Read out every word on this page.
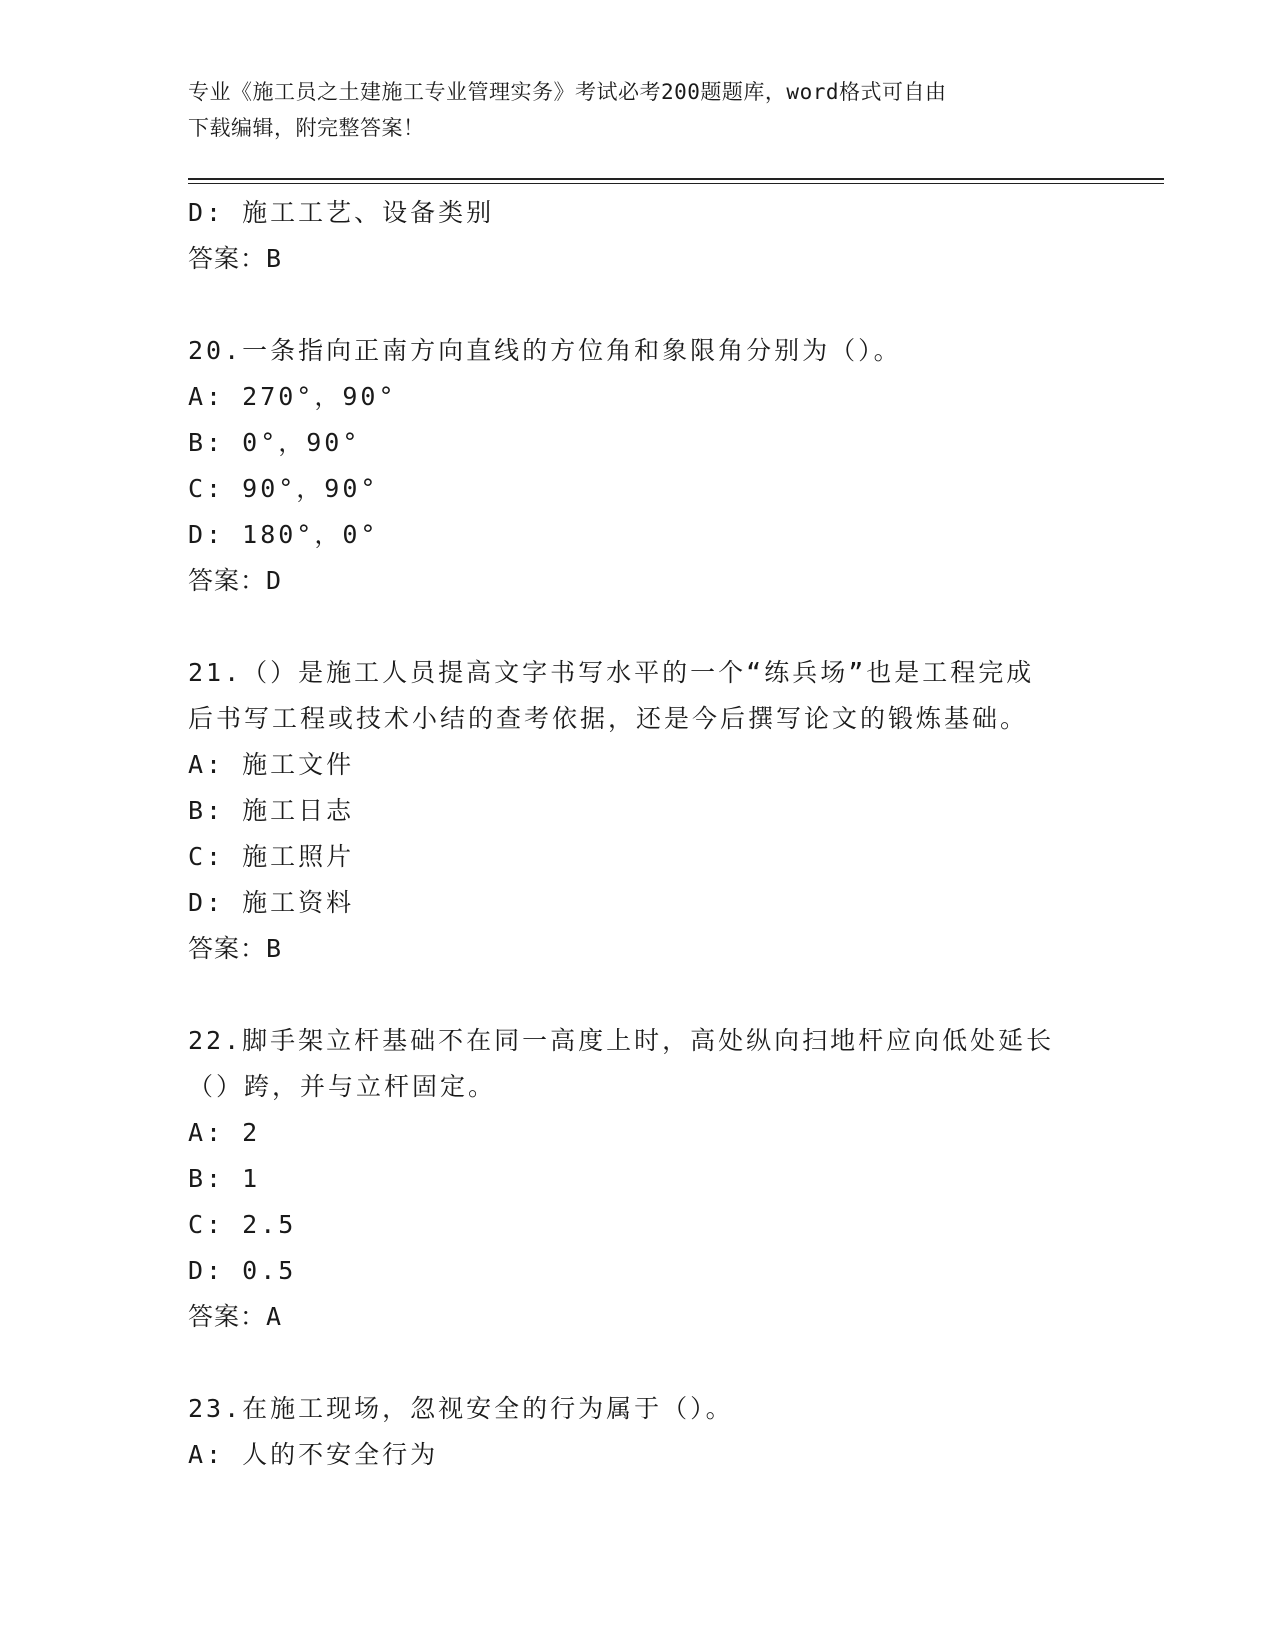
专业《施工员之土建施工专业管理实务》考试必考200题题库，word格式可自由
下载编辑，附完整答案！
D: 施工工艺、设备类别
答案：B
20.一条指向正南方向直线的方位角和象限角分别为（）。
A: 270°，90°
B: 0°，90°
C: 90°，90°
D: 180°，0°
答案：D
21.（）是施工人员提高文字书写水平的一个“练兵场”也是工程完成
后书写工程或技术小结的查考依据，还是今后撰写论文的锻炼基础。
A: 施工文件
B: 施工日志
C: 施工照片
D: 施工资料
答案：B
22.脚手架立杆基础不在同一高度上时，高处纵向扫地杆应向低处延长
（）跨，并与立杆固定。
A: 2
B: 1
C: 2.5
D: 0.5
答案：A
23.在施工现场，忽视安全的行为属于（）。
A: 人的不安全行为
